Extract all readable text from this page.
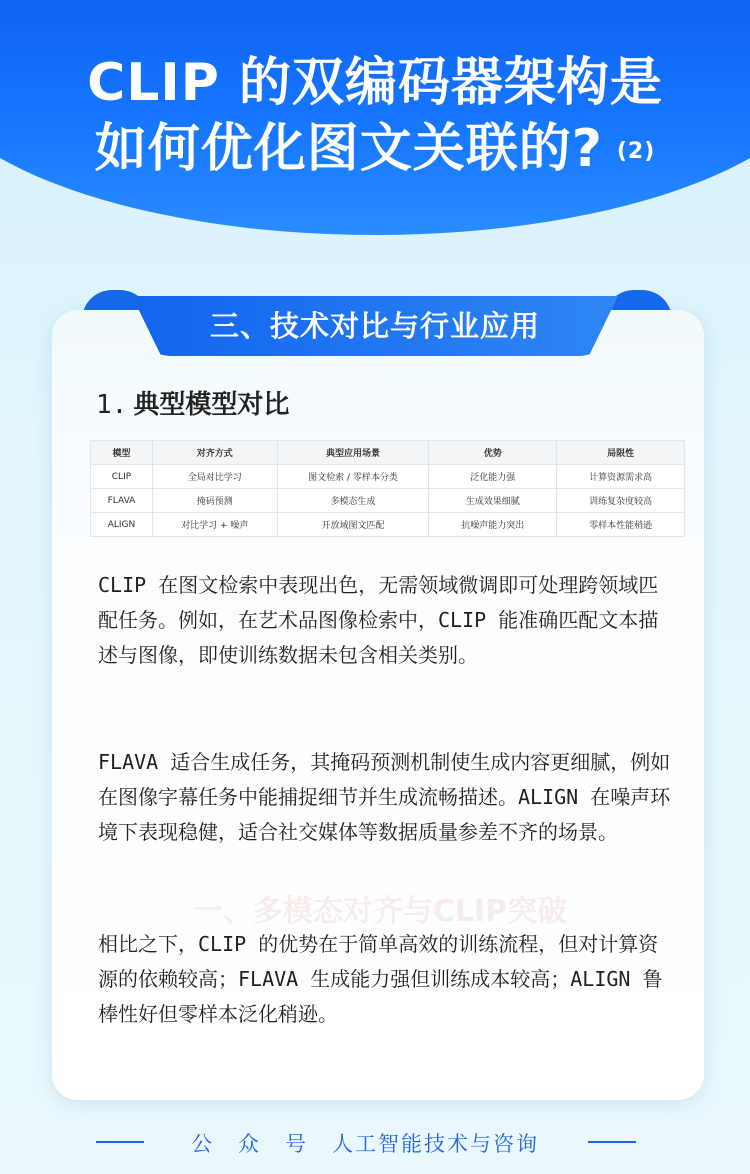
CLIP 的双编码器架构是
如何优化图文关联的? $^{(2)}$
三、技术对比与行业应用
1. 典型模型对比
模型	对齐方式	典型应用场景	优势	局限性
CLIP	全局对比学习	图文检索 / 零样本分类	泛化能力强	计算资源需求高
FLAVA	掩码预测	多模态生成	生成效果细腻	训练复杂度较高
ALIGN	对比学习 + 噪声	开放域图文匹配	抗噪声能力突出	零样本性能稍逊
一、多模态对齐与CLIP突破

CLIP 在图文检索中表现出色，无需领域微调即可处理跨领域匹配任务。例如，在艺术品图像检索中，CLIP 能准确匹配文本描述与图像，即使训练数据未包含相关类别。

FLAVA 适合生成任务，其掩码预测机制使生成内容更细腻，例如在图像字幕任务中能捕捉细节并生成流畅描述。ALIGN 在噪声环境下表现稳健，适合社交媒体等数据质量参差不齐的场景。

相比之下，CLIP 的优势在于简单高效的训练流程，但对计算资源的依赖较高；FLAVA 生成能力强但训练成本较高；ALIGN 鲁棒性好但零样本泛化稍逊。

公众号人工智能技术与咨询
